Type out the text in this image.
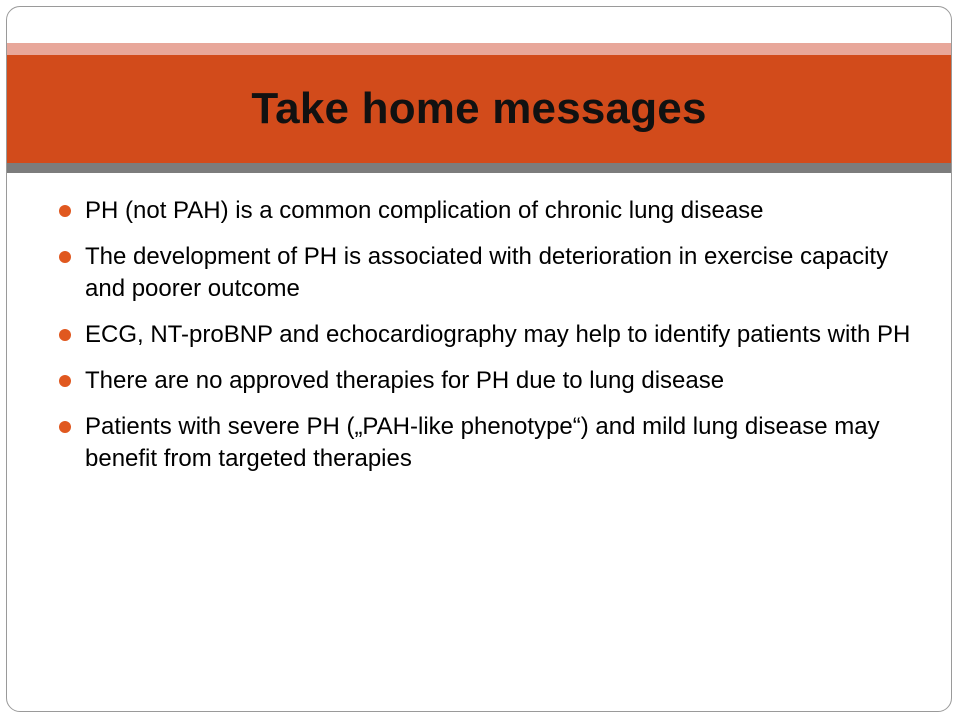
Take home messages
PH (not PAH) is a common complication of chronic lung disease
The development of PH is associated with deterioration in exercise capacity and poorer outcome
ECG, NT-proBNP and echocardiography may help to identify patients with PH
There are no approved therapies for PH due to lung disease
Patients with severe PH („PAH-like phenotype“) and mild lung disease may benefit from targeted therapies
